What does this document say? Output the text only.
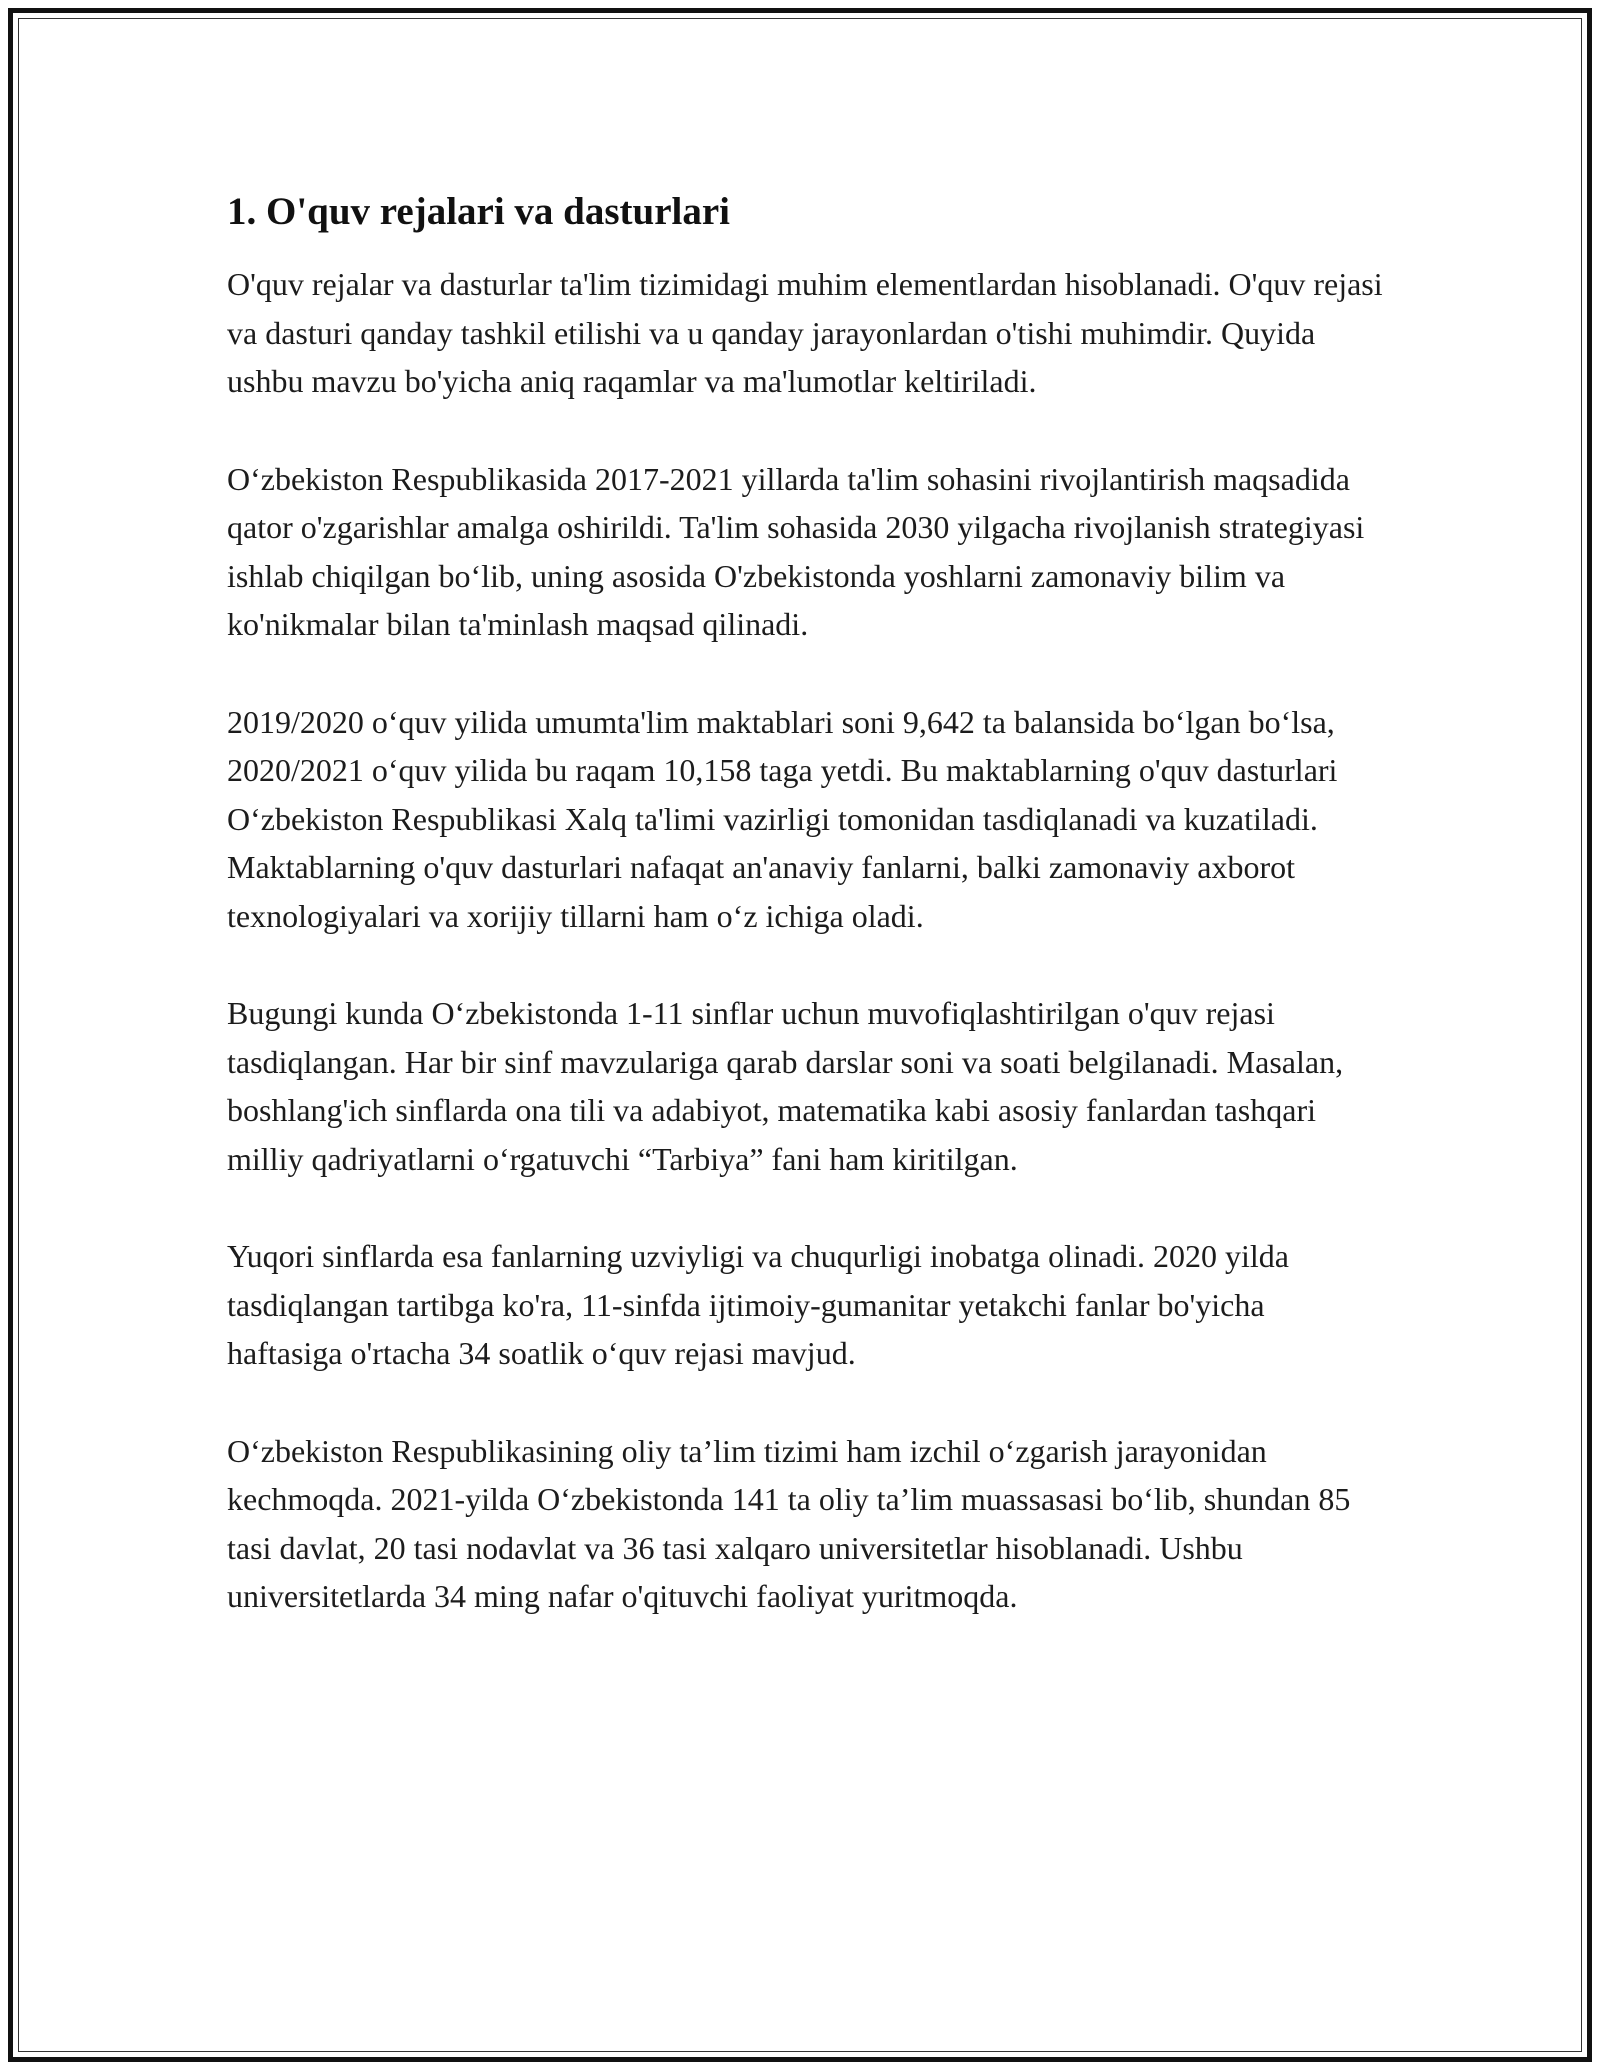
1. O'quv rejalari va dasturlari

O'quv rejalar va dasturlar ta'lim tizimidagi muhim elementlardan hisoblanadi. O'quv rejasi va dasturi qanday tashkil etilishi va u qanday jarayonlardan o'tishi muhimdir. Quyida ushbu mavzu bo'yicha aniq raqamlar va ma'lumotlar keltiriladi.

O‘zbekiston Respublikasida 2017-2021 yillarda ta'lim sohasini rivojlantirish maqsadida qator o'zgarishlar amalga oshirildi. Ta'lim sohasida 2030 yilgacha rivojlanish strategiyasi ishlab chiqilgan bo‘lib, uning asosida O'zbekistonda yoshlarni zamonaviy bilim va ko'nikmalar bilan ta'minlash maqsad qilinadi.

2019/2020 o‘quv yilida umumta'lim maktablari soni 9,642 ta balansida bo‘lgan bo‘lsa, 2020/2021 o‘quv yilida bu raqam 10,158 taga yetdi. Bu maktablarning o'quv dasturlari O‘zbekiston Respublikasi Xalq ta'limi vazirligi tomonidan tasdiqlanadi va kuzatiladi. Maktablarning o'quv dasturlari nafaqat an'anaviy fanlarni, balki zamonaviy axborot texnologiyalari va xorijiy tillarni ham o‘z ichiga oladi.

Bugungi kunda O‘zbekistonda 1-11 sinflar uchun muvofiqlashtirilgan o'quv rejasi tasdiqlangan. Har bir sinf mavzulariga qarab darslar soni va soati belgilanadi. Masalan, boshlang'ich sinflarda ona tili va adabiyot, matematika kabi asosiy fanlardan tashqari milliy qadriyatlarni o‘rgatuvchi “Tarbiya” fani ham kiritilgan.

Yuqori sinflarda esa fanlarning uzviyligi va chuqurligi inobatga olinadi. 2020 yilda tasdiqlangan tartibga ko'ra, 11-sinfda ijtimoiy-gumanitar yetakchi fanlar bo'yicha haftasiga o'rtacha 34 soatlik o‘quv rejasi mavjud.

O‘zbekiston Respublikasining oliy ta’lim tizimi ham izchil o‘zgarish jarayonidan kechmoqda. 2021-yilda O‘zbekistonda 141 ta oliy ta’lim muassasasi bo‘lib, shundan 85 tasi davlat, 20 tasi nodavlat va 36 tasi xalqaro universitetlar hisoblanadi. Ushbu universitetlarda 34 ming nafar o'qituvchi faoliyat yuritmoqda.
